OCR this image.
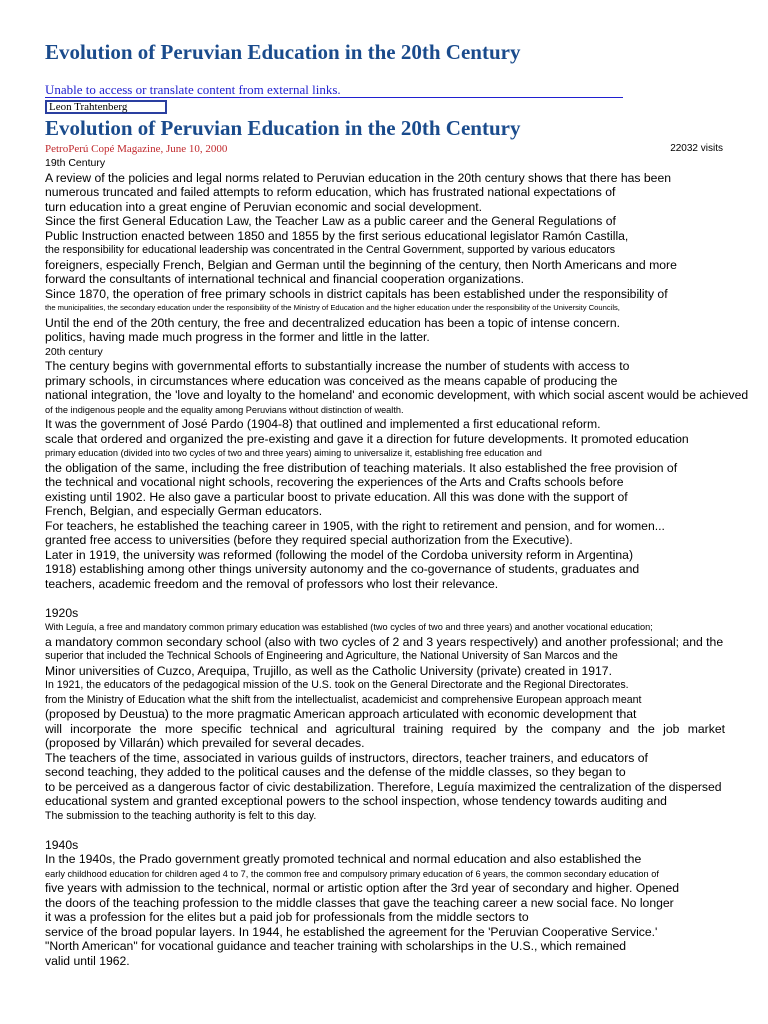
Evolution of Peruvian Education in the 20th Century
Unable to access or translate content from external links.
Leon Trahtenberg
Evolution of Peruvian Education in the 20th Century
PetroPerú Copé Magazine, June 10, 2000	22032 visits
19th Century
A review of the policies and legal norms related to Peruvian education in the 20th century shows that there has been
numerous truncated and failed attempts to reform education, which has frustrated national expectations of
turn education into a great engine of Peruvian economic and social development.
Since the first General Education Law, the Teacher Law as a public career and the General Regulations of
Public Instruction enacted between 1850 and 1855 by the first serious educational legislator Ramón Castilla,
the responsibility for educational leadership was concentrated in the Central Government, supported by various educators
foreigners, especially French, Belgian and German until the beginning of the century, then North Americans and more
forward the consultants of international technical and financial cooperation organizations.
Since 1870, the operation of free primary schools in district capitals has been established under the responsibility of
the municipalities, the secondary education under the responsibility of the Ministry of Education and the higher education under the responsibility of the University Councils,
Until the end of the 20th century, the free and decentralized education has been a topic of intense concern.
politics, having made much progress in the former and little in the latter.
20th century
The century begins with governmental efforts to substantially increase the number of students with access to
primary schools, in circumstances where education was conceived as the means capable of producing the
national integration, the 'love and loyalty to the homeland' and economic development, with which social ascent would be achieved
of the indigenous people and the equality among Peruvians without distinction of wealth.
It was the government of José Pardo (1904-8) that outlined and implemented a first educational reform.
scale that ordered and organized the pre-existing and gave it a direction for future developments. It promoted education
primary education (divided into two cycles of two and three years) aiming to universalize it, establishing free education and
the obligation of the same, including the free distribution of teaching materials. It also established the free provision of
the technical and vocational night schools, recovering the experiences of the Arts and Crafts schools before
existing until 1902. He also gave a particular boost to private education. All this was done with the support of
French, Belgian, and especially German educators.
For teachers, he established the teaching career in 1905, with the right to retirement and pension, and for women...
granted free access to universities (before they required special authorization from the Executive).
Later in 1919, the university was reformed (following the model of the Cordoba university reform in Argentina)
1918) establishing among other things university autonomy and the co-governance of students, graduates and
teachers, academic freedom and the removal of professors who lost their relevance.
1920s
With Leguía, a free and mandatory common primary education was established (two cycles of two and three years) and another vocational education;
a mandatory common secondary school (also with two cycles of 2 and 3 years respectively) and another professional; and the
superior that included the Technical Schools of Engineering and Agriculture, the National University of San Marcos and the
Minor universities of Cuzco, Arequipa, Trujillo, as well as the Catholic University (private) created in 1917.
In 1921, the educators of the pedagogical mission of the U.S. took on the General Directorate and the Regional Directorates.
from the Ministry of Education what the shift from the intellectualist, academicist and comprehensive European approach meant
(proposed by Deustua) to the more pragmatic American approach articulated with economic development that
will incorporate the more specific technical and agricultural training required by the company and the job market
(proposed by Villarán) which prevailed for several decades.
The teachers of the time, associated in various guilds of instructors, directors, teacher trainers, and educators of
second teaching, they added to the political causes and the defense of the middle classes, so they began to
to be perceived as a dangerous factor of civic destabilization. Therefore, Leguía maximized the centralization of the dispersed
educational system and granted exceptional powers to the school inspection, whose tendency towards auditing and
The submission to the teaching authority is felt to this day.
1940s
In the 1940s, the Prado government greatly promoted technical and normal education and also established the
early childhood education for children aged 4 to 7, the common free and compulsory primary education of 6 years, the common secondary education of
five years with admission to the technical, normal or artistic option after the 3rd year of secondary and higher. Opened
the doors of the teaching profession to the middle classes that gave the teaching career a new social face. No longer
it was a profession for the elites but a paid job for professionals from the middle sectors to
service of the broad popular layers. In 1944, he established the agreement for the 'Peruvian Cooperative Service.'
"North American" for vocational guidance and teacher training with scholarships in the U.S., which remained
valid until 1962.
